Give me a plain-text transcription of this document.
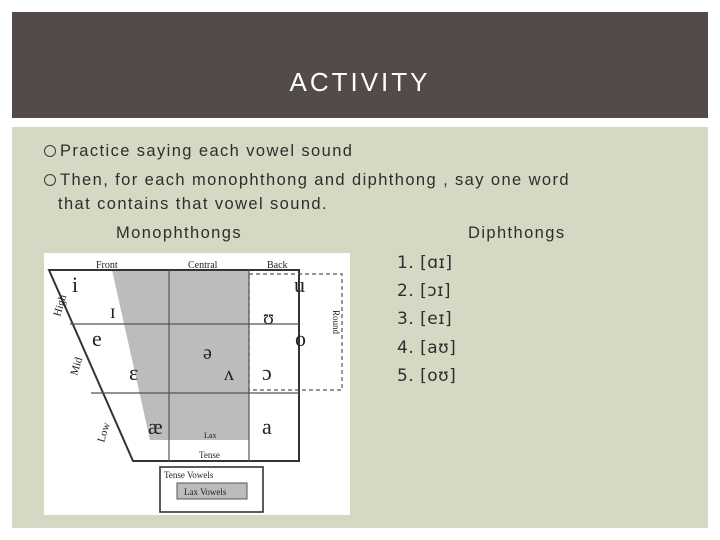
ACTIVITY
Practice saying each vowel sound
Then, for each monophthong and diphthong , say one word
that contains that vowel sound.
Monophthongs	Diphthongs
1. [ɑɪ]
2. [ɔɪ]
3. [eɪ]
4. [aʊ]
5. [oʊ]
Front	Central	Back
High
Mid
Low
Round
i	u
ɪ	ʊ
e
ə
o
ɛ	ʌ ɔ
æ	a
Lax
Tense
Tense Vowels
Lax Vowels
